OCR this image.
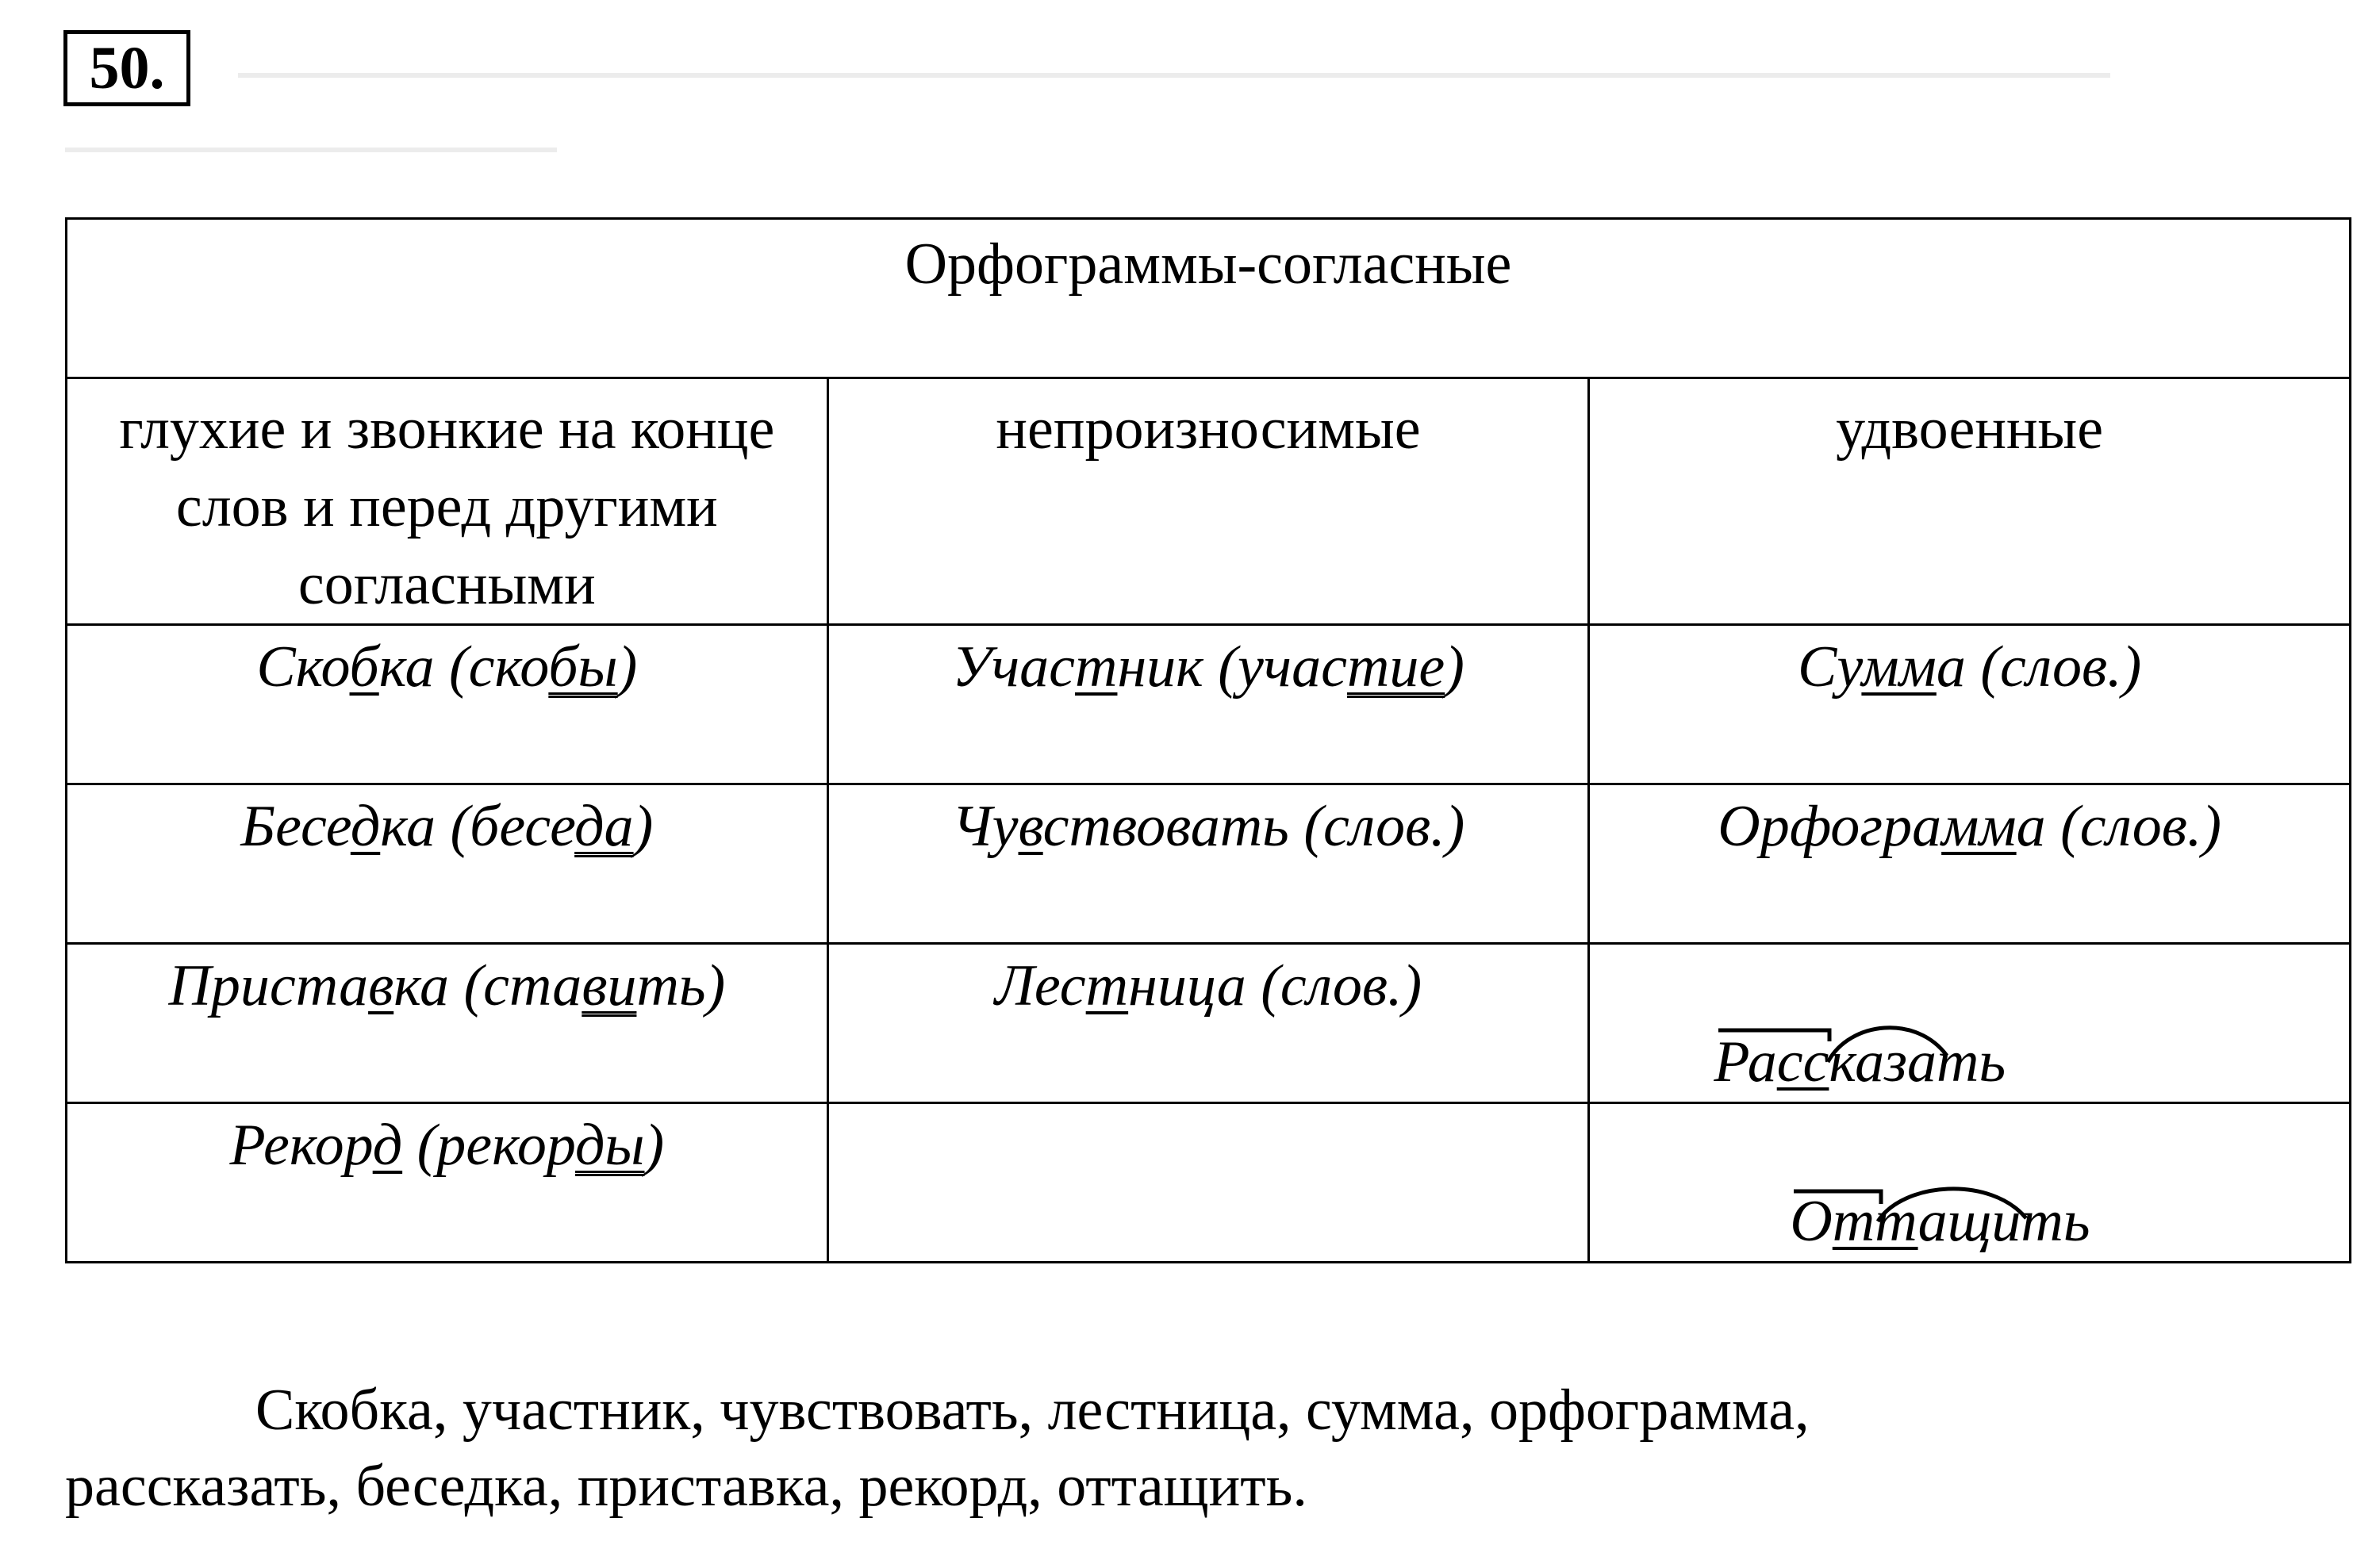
50.
Орфограммы-согласные		

глухие и звонкие на конце слов и перед другими согласными	непроизносимые	удвоенные

Скобка (скобы)	Участник (участие)	Сумма (слов.)

Беседка (беседа)	Чувствовать (слов.)	Орфограмма (слов.)

Приставка (ставить)	Лестница (слов.)	Рассказать

Рекорд (рекорды)		Оттащить
Скобка, участник, чувствовать, лестница, сумма, орфограмма,
рассказать, беседка, приставка, рекорд, оттащить.
